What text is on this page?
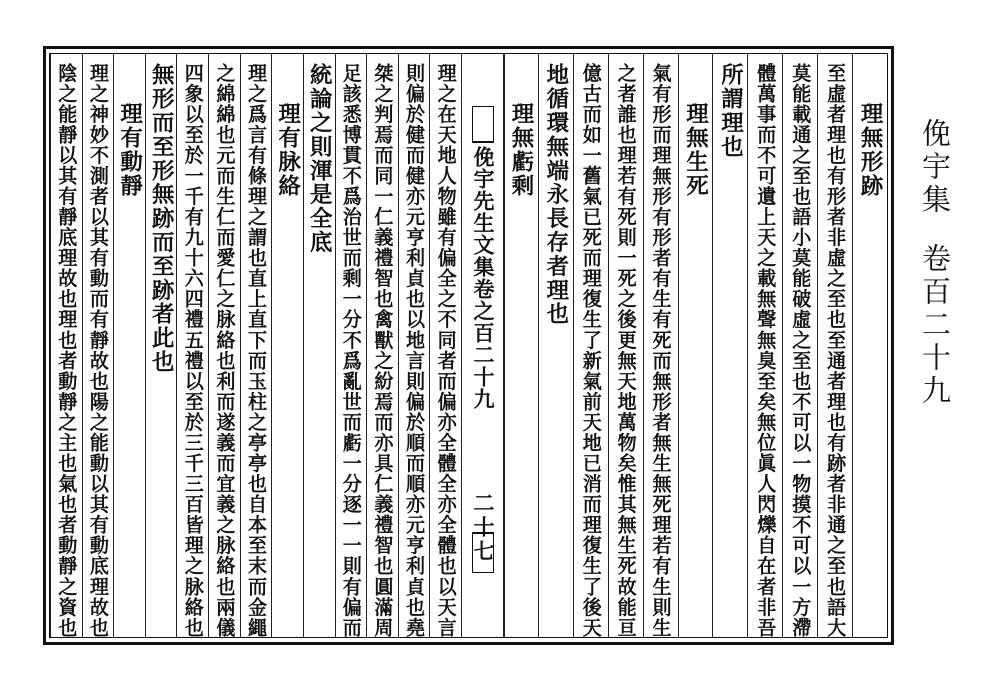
俛宇集卷百二十九
俛宇先生文集卷之百二十九
二十七
理無形跡
至虛者理也有形者非虛之至也至通者理也有跡者非通之至也語大
莫能載通之至也語小莫能破虛之至也不可以一物摸不可以一方滯
體萬事而不可遺上天之載無聲無臭至矣無位眞人閃爍自在者非吾
所謂理也
理無生死
氣有形而理無形有形者有生有死而無形者無生無死理若有生則生
之者誰也理若有死則一死之後更無天地萬物矣惟其無生死故能亘
億古而如一舊氣已死而理復生了新氣前天地已消而理復生了後天
地循環無端永長存者理也
理無虧剩
理之在天地人物雖有偏全之不同者而偏亦全體全亦全體也以天言
則偏於健而健亦元亨利貞也以地言則偏於順而順亦元亨利貞也堯
桀之判焉而同一仁義禮智也禽獸之紛焉而亦具仁義禮智也圓滿周
足該悉博貫不爲治世而剩一分不爲亂世而虧一分逐一一則有偏而
統論之則渾是全底
理有脉絡
理之爲言有條理之謂也直上直下而玉柱之亭亭也自本至末而金繩
之綿綿也元而生仁而愛仁之脉絡也利而遂義而宜義之脉絡也兩儀
四象以至於一千有九十六四禮五禮以至於三千三百皆理之脉絡也
無形而至形無跡而至跡者此也
理有動靜
理之神妙不測者以其有動而有靜故也陽之能動以其有動底理故也
陰之能靜以其有靜底理故也理也者動靜之主也氣也者動靜之資也
